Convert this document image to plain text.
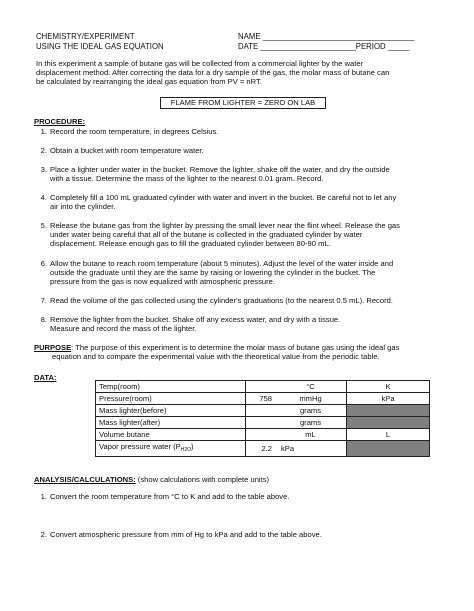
CHEMISTRY/EXPERIMENT
USING THE IDEAL GAS EQUATION
NAME ___________________________________
DATE ______________________PERIOD _____
In this experiment a sample of butane gas will be collected from a commercial lighter by the water
displacement method. After correcting the data for a dry sample of the gas, the molar mass of butane can
be calculated by rearranging the ideal gas equation from PV = nRT.
FLAME FROM LIGHTER = ZERO ON LAB
PROCEDURE:
1. Record the room temperature, in degrees Celsius.
2. Obtain a bucket with room temperature water.
3. Place a lighter under water in the bucket. Remove the lighter, shake off the water, and dry the outside
with a tissue. Determine the mass of the lighter to the nearest 0.01 gram. Record.
4. Completely fill a 100 mL graduated cylinder with water and invert in the bucket. Be careful not to let any
air into the cylinder.
5. Release the butane gas from the lighter by pressing the small lever near the flint wheel. Release the gas
under water being careful that all of the butane is collected in the graduated cylinder by water
displacement. Release enough gas to fill the graduated cylinder between 80-90 mL.
6. Allow the butane to reach room temperature (about 5 minutes). Adjust the level of the water inside and
outside the graduate until they are the same by raising or lowering the cylinder in the bucket. The
pressure from the gas is now equalized with atmospheric pressure.
7. Read the volume of the gas collected using the cylinder's graduations (to the nearest 0.5 mL). Record.
8. Remove the lighter from the bucket. Shake off any excess water, and dry with a tissue.
Measure and record the mass of the lighter.
PURPOSE: The purpose of this experiment is to determine the molar mass of butane gas using the ideal gas
equation and to compare the experimental value with the theoretical value from the periodic table.
DATA:
Temp(room)		°C	K
Pressure(room)	758	mmHg	kPa
Mass lighter(before)		grams	
Mass lighter(after)		grams	
Volume butane		mL	L
Vapor pressure water $(P_{H2O})$	2.2	kPa	
ANALYSIS/CALCULATIONS: (show calculations with complete units)
1. Convert the room temperature from °C to K and add to the table above.
2. Convert atmospheric pressure from mm of Hg to kPa and add to the table above.
